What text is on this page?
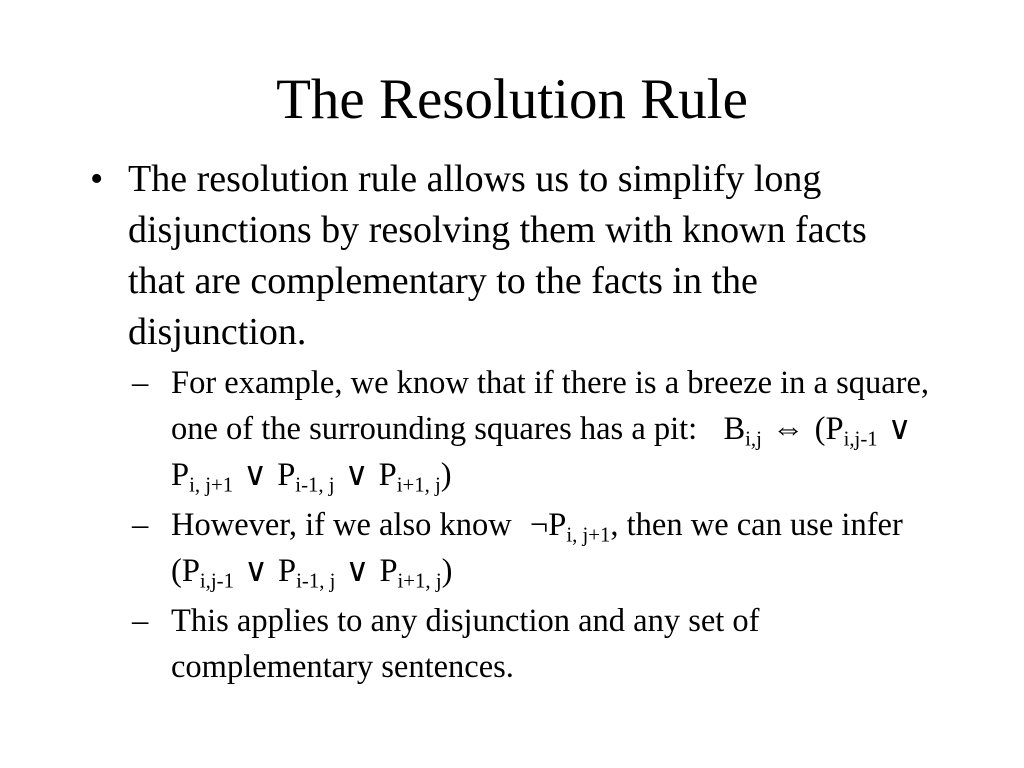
The Resolution Rule
• The resolution rule allows us to simplify long disjunctions by resolving them with known facts that are complementary to the facts in the disjunction.
– For example, we know that if there is a breeze in a square, one of the surrounding squares has a pit: $B_{i,j}$ ⇔ ($P_{i,j-1}$ ∨ $P_{i, j+1}$ ∨ $P_{i-1, j}$ ∨ $P_{i+1, j}$)
– However, if we also know $\neg P_{i, j+1}$, then we can use infer ($P_{i,j-1}$ ∨ $P_{i-1, j}$ ∨ $P_{i+1, j}$)
– This applies to any disjunction and any set of complementary sentences.
